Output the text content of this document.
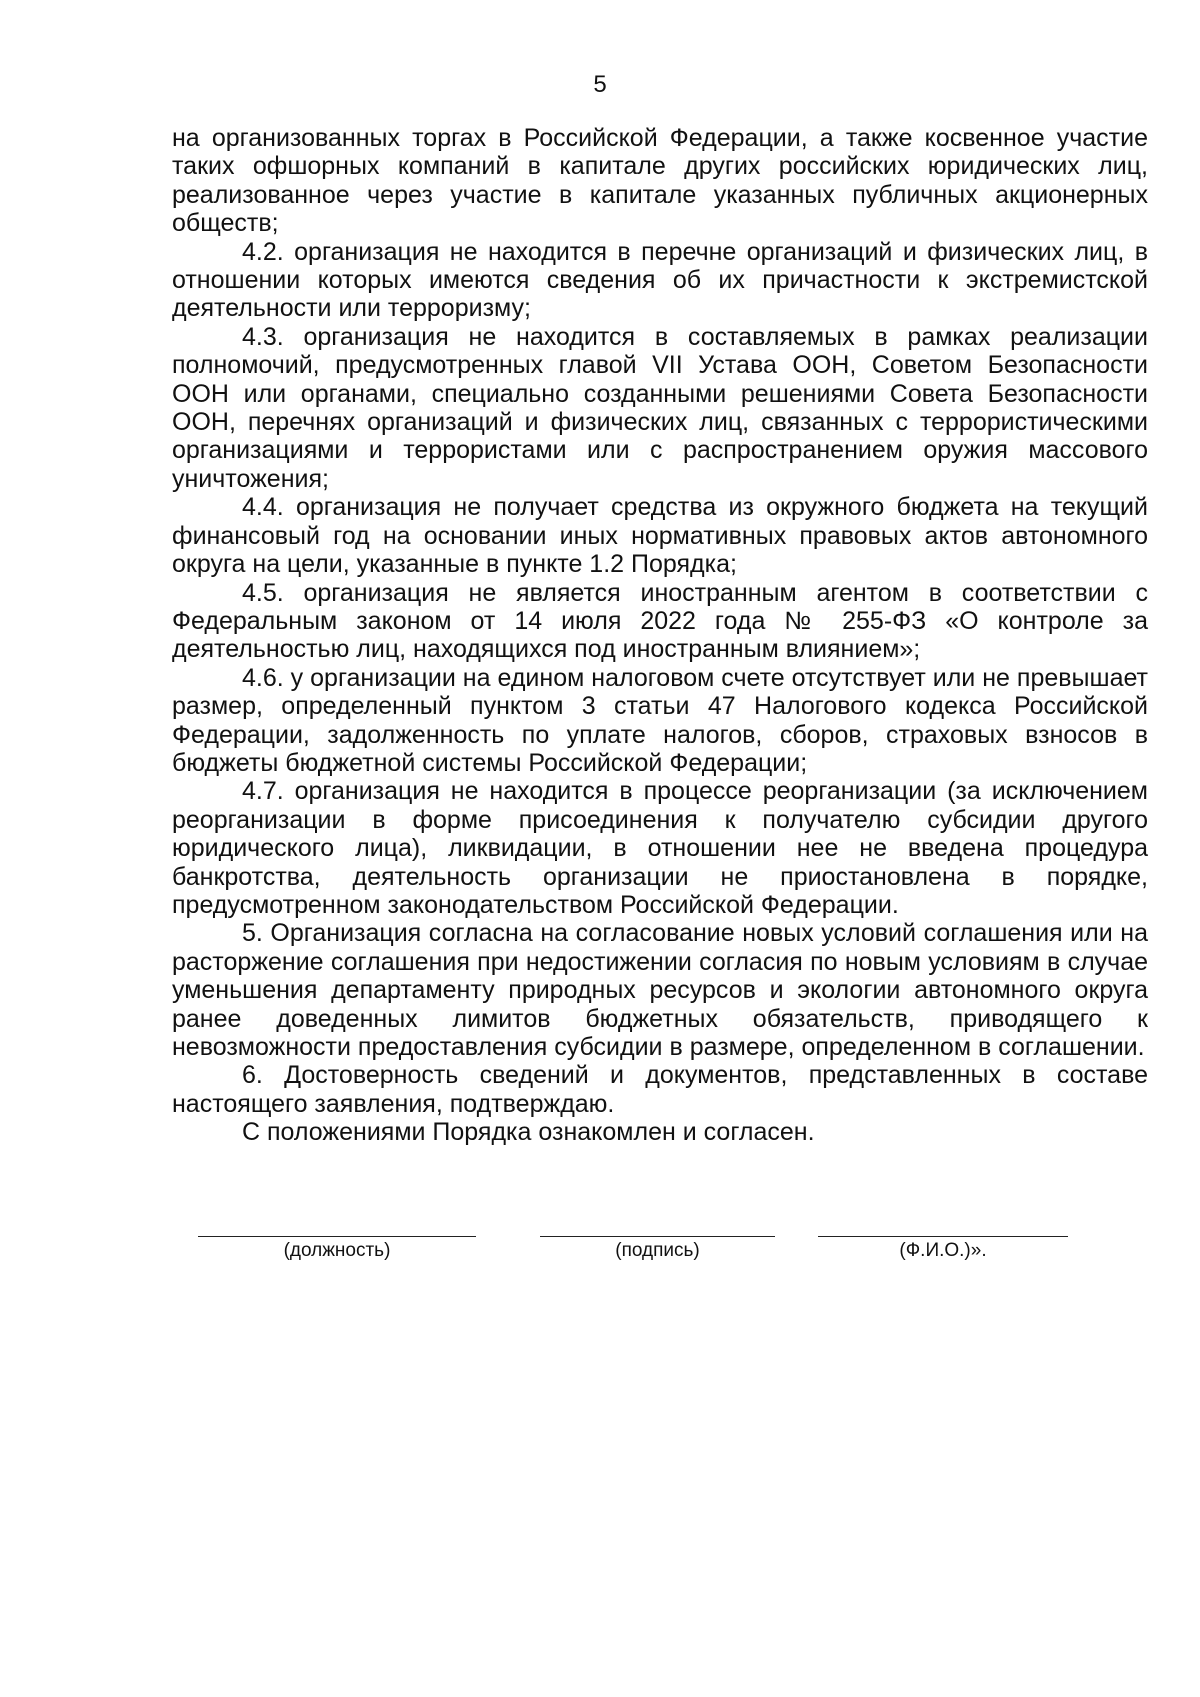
5

на организованных торгах в Российской Федерации, а также косвенное участие таких офшорных компаний в капитале других российских юридических лиц, реализованное через участие в капитале указанных публичных акционерных обществ;

4.2. организация не находится в перечне организаций и физических лиц, в отношении которых имеются сведения об их причастности к экстремистской деятельности или терроризму;

4.3. организация не находится в составляемых в рамках реализации полномочий, предусмотренных главой VII Устава ООН, Советом Безопасности ООН или органами, специально созданными решениями Совета Безопасности ООН, перечнях организаций и физических лиц, связанных с террористическими организациями и террористами или с распространением оружия массового уничтожения;

4.4. организация не получает средства из окружного бюджета на текущий финансовый год на основании иных нормативных правовых актов автономного округа на цели, указанные в пункте 1.2 Порядка;

4.5. организация не является иностранным агентом в соответствии с Федеральным законом от 14 июля 2022 года № 255-ФЗ «О контроле за деятельностью лиц, находящихся под иностранным влиянием»;

4.6. у организации на едином налоговом счете отсутствует или не превышает размер, определенный пунктом 3 статьи 47 Налогового кодекса Российской Федерации, задолженность по уплате налогов, сборов, страховых взносов в бюджеты бюджетной системы Российской Федерации;

4.7. организация не находится в процессе реорганизации (за исключением реорганизации в форме присоединения к получателю субсидии другого юридического лица), ликвидации, в отношении нее не введена процедура банкротства, деятельность организации не приостановлена в порядке, предусмотренном законодательством Российской Федерации.

5. Организация согласна на согласование новых условий соглашения или на расторжение соглашения при недостижении согласия по новым условиям в случае уменьшения департаменту природных ресурсов и экологии автономного округа ранее доведенных лимитов бюджетных обязательств, приводящего к невозможности предоставления субсидии в размере, определенном в соглашении.

6. Достоверность сведений и документов, представленных в составе настоящего заявления, подтверждаю.

С положениями Порядка ознакомлен и согласен.

(должность)	(подпись)	(Ф.И.О.)».
